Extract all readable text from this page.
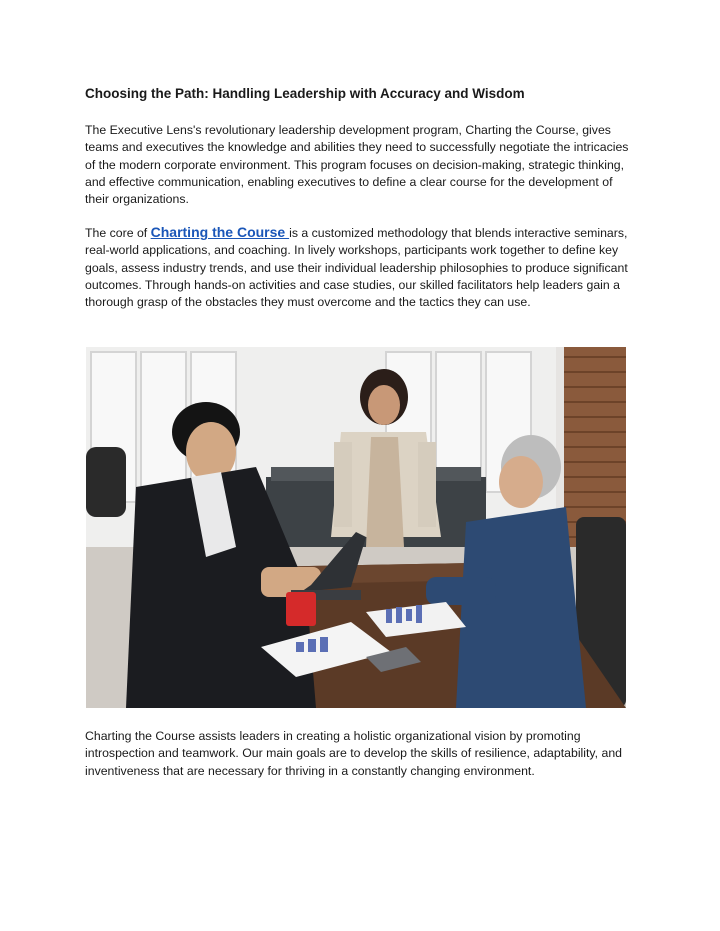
Choosing the Path: Handling Leadership with Accuracy and Wisdom

The Executive Lens's revolutionary leadership development program, Charting the Course, gives teams and executives the knowledge and abilities they need to successfully negotiate the intricacies of the modern corporate environment. This program focuses on decision-making, strategic thinking, and effective communication, enabling executives to define a clear course for the development of their organizations.

The core of Charting the Course is a customized methodology that blends interactive seminars, real-world applications, and coaching. In lively workshops, participants work together to define key goals, assess industry trends, and use their individual leadership philosophies to produce significant outcomes. Through hands-on activities and case studies, our skilled facilitators help leaders gain a thorough grasp of the obstacles they must overcome and the tactics they can use.

Charting the Course assists leaders in creating a holistic organizational vision by promoting introspection and teamwork. Our main goals are to develop the skills of resilience, adaptability, and inventiveness that are necessary for thriving in a constantly changing environment.
